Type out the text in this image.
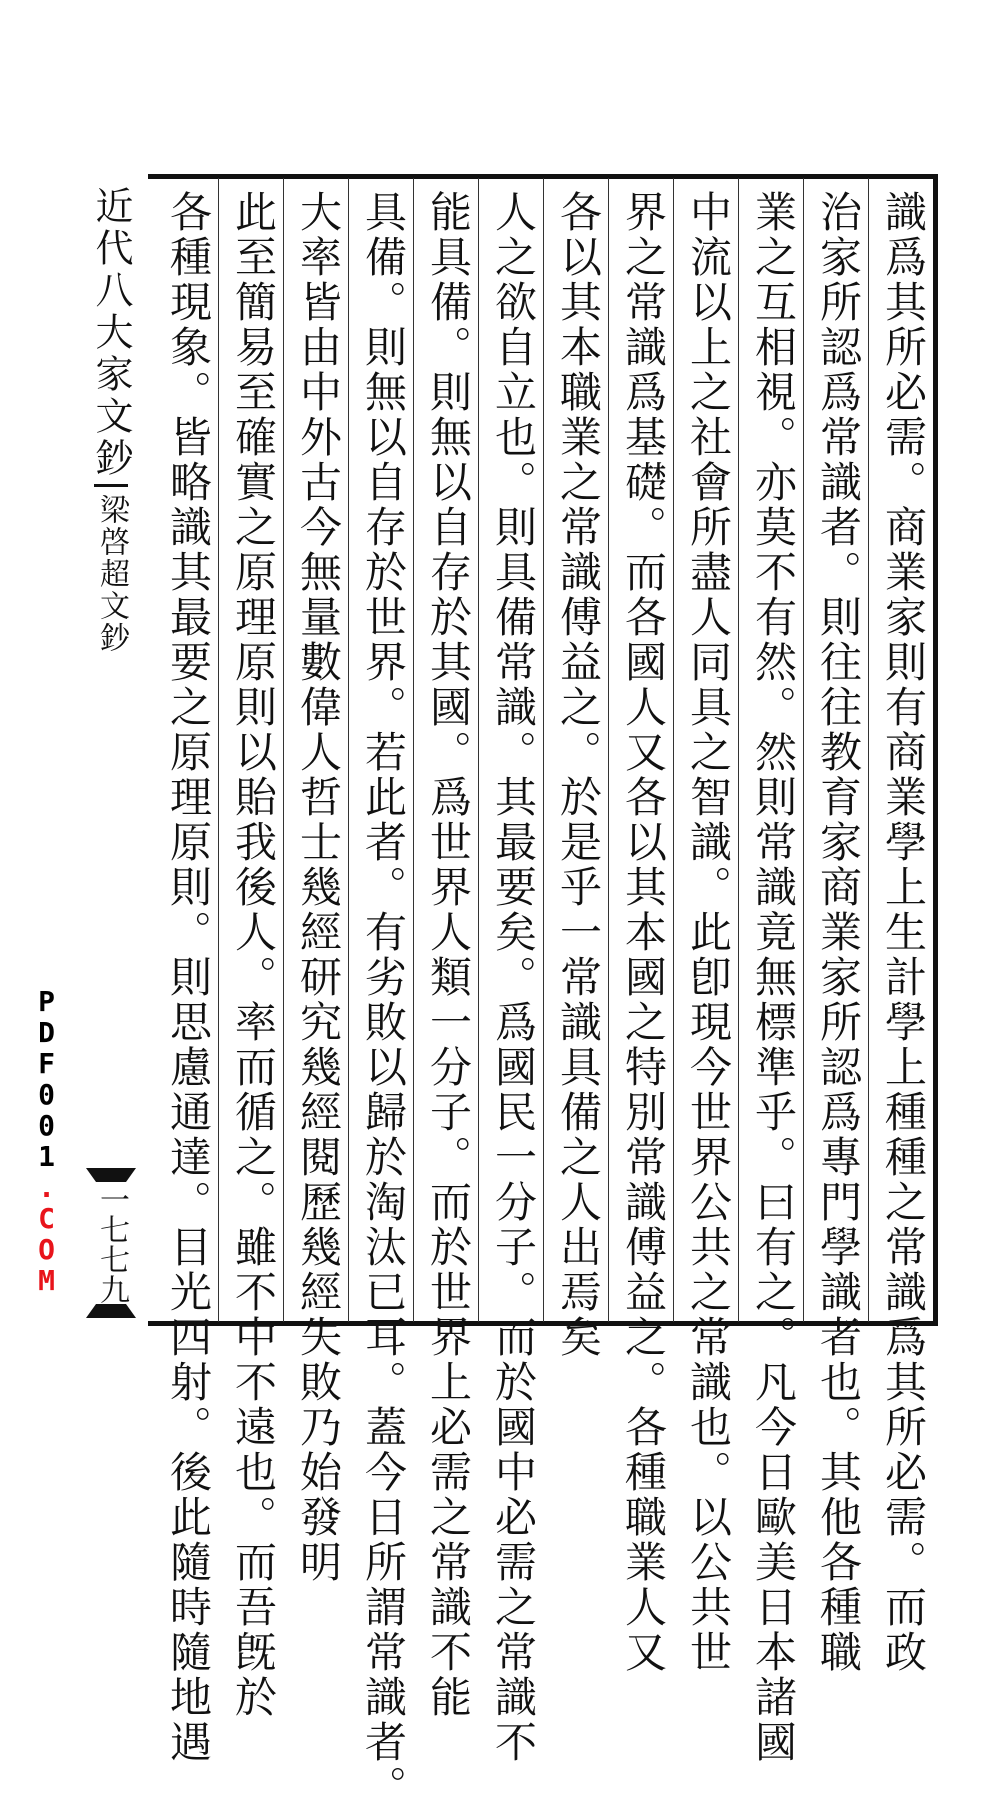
識爲其所必需。商業家則有商業學上生計學上種種之常識爲其所必需。而政
治家所認爲常識者。則往往教育家商業家所認爲專門學識者也。其他各種職
業之互相視。亦莫不有然。然則常識竟無標準乎。曰有之。凡今日歐美日本諸國
中流以上之社會所盡人同具之智識。此卽現今世界公共之常識也。以公共世
界之常識爲基礎。而各國人又各以其本國之特別常識傅益之。各種職業人又
各以其本職業之常識傅益之。於是乎一常識具備之人出焉矣
人之欲自立也。則具備常識。其最要矣。爲國民一分子。而於國中必需之常識不
能具備。則無以自存於其國。爲世界人類一分子。而於世界上必需之常識不能
具備。則無以自存於世界。若此者。有劣敗以歸於淘汰已耳。蓋今日所謂常識者。
大率皆由中外古今無量數偉人哲士幾經研究幾經閱歷幾經失敗乃始發明
此至簡易至確實之原理原則以貽我後人。率而循之。雖不中不遠也。而吾旣於
各種現象。皆略識其最要之原理原則。則思慮通達。目光四射。後此隨時隨地遇
近代八大家文鈔
梁啓超文鈔
一七七九
PDF001.COM
